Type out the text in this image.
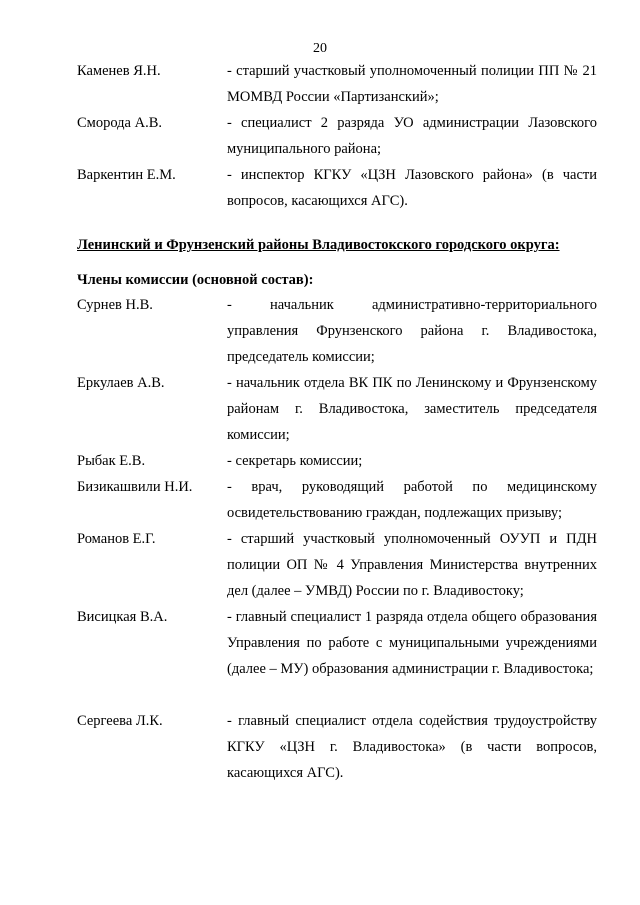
20
Каменев Я.Н.	- старший участковый уполномоченный полиции ПП № 21 МОМВД России «Партизанский»;
Сморода А.В.	- специалист 2 разряда УО администрации Лазовского муниципального района;
Варкентин Е.М.	- инспектор КГКУ «ЦЗН Лазовского района» (в части вопросов, касающихся АГС).
Ленинский и Фрунзенский районы Владивостокского городского округа:
Члены комиссии (основной состав):
Сурнев Н.В.	- начальник административно-территориального управления Фрунзенского района г. Владивостока, председатель комиссии;
Еркулаев А.В.	- начальник отдела ВК ПК по Ленинскому и Фрунзенскому районам г. Владивостока, заместитель председателя комиссии;
Рыбак Е.В.	- секретарь комиссии;
Бизикашвили Н.И.	- врач, руководящий работой по медицинскому освидетельствованию граждан, подлежащих призыву;
Романов Е.Г.	- старший участковый уполномоченный ОУУП и ПДН полиции ОП № 4 Управления Министерства внутренних дел (далее – УМВД) России по г. Владивостоку;
Висицкая В.А.	- главный специалист 1 разряда отдела общего образования Управления по работе с муниципальными учреждениями (далее – МУ) образования администрации г. Владивостока;
Сергеева Л.К.	- главный специалист отдела содействия трудоустройству КГКУ «ЦЗН г. Владивостока» (в части вопросов, касающихся АГС).
